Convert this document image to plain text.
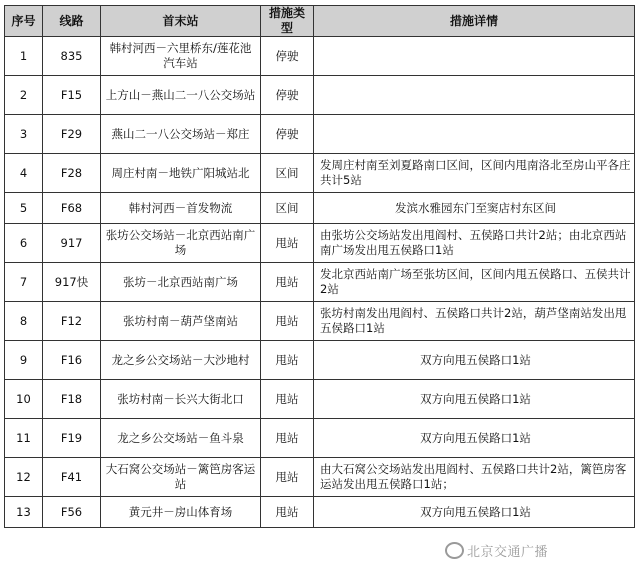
序号	线路	首末站	措施类型	措施详情
1	835	韩村河西－六里桥东/莲花池汽车站	停驶	
2	F15	上方山－燕山二一八公交场站	停驶	
3	F29	燕山二一八公交场站－郑庄	停驶	
4	F28	周庄村南－地铁广阳城站北	区间	发周庄村南至刘夏路南口区间，区间内甩南洛北至房山平各庄共计5站
5	F68	韩村河西－首发物流	区间	发滨水雅园东门至窦店村东区间
6	917	张坊公交场站－北京西站南广场	甩站	由张坊公交场站发出甩阎村、五侯路口共计2站；由北京西站南广场发出甩五侯路口1站
7	917快	张坊－北京西站南广场	甩站	发北京西站南广场至张坊区间，区间内甩五侯路口、五侯共计2站
8	F12	张坊村南－葫芦垡南站	甩站	张坊村南发出甩阎村、五侯路口共计2站，葫芦垡南站发出甩五侯路口1站
9	F16	龙之乡公交场站－大沙地村	甩站	双方向甩五侯路口1站
10	F18	张坊村南－长兴大街北口	甩站	双方向甩五侯路口1站
11	F19	龙之乡公交场站－鱼斗泉	甩站	双方向甩五侯路口1站
12	F41	大石窝公交场站－篱笆房客运站	甩站	由大石窝公交场站发出甩阎村、五侯路口共计2站，篱笆房客运站发出甩五侯路口1站；
13	F56	黄元井－房山体育场	甩站	双方向甩五侯路口1站
北京交通广播
